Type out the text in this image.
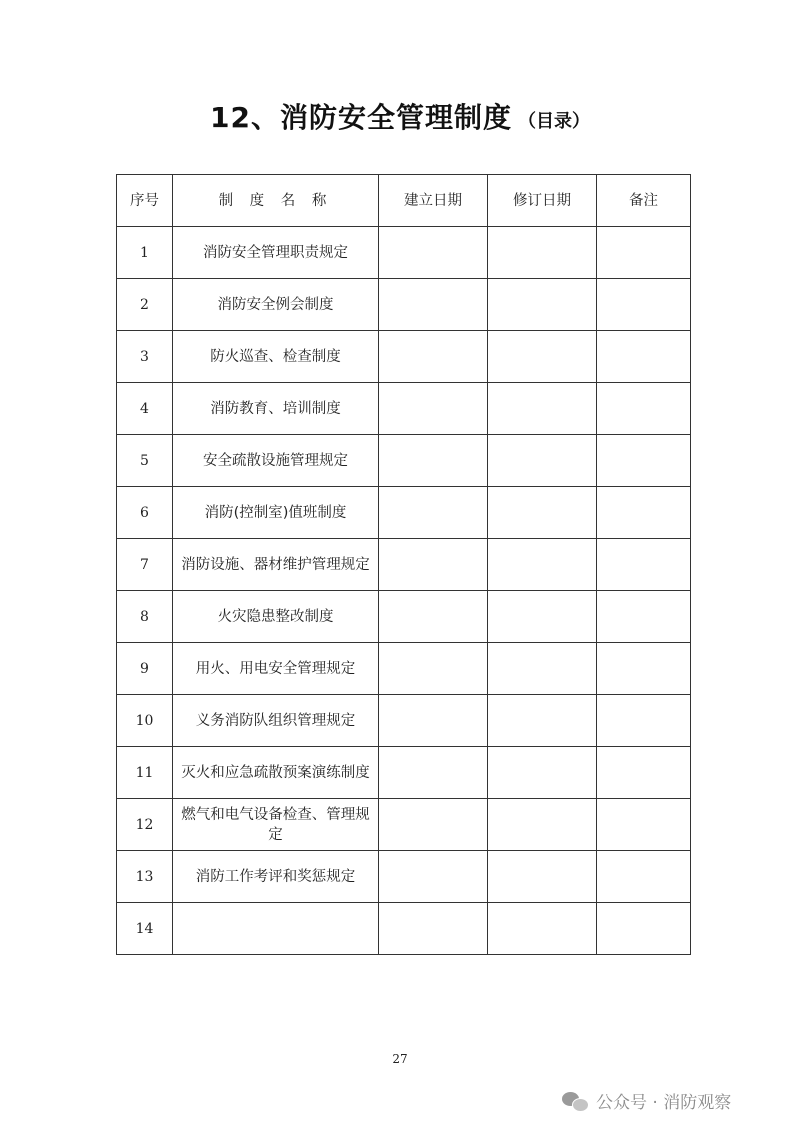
12、消防安全管理制度 （目录）
序号	制 度 名 称	建立日期	修订日期	备注
1	消防安全管理职责规定			
2	消防安全例会制度			
3	防火巡查、检查制度			
4	消防教育、培训制度			
5	安全疏散设施管理规定			
6	消防(控制室)值班制度			
7	消防设施、器材维护管理规定			
8	火灾隐患整改制度			
9	用火、用电安全管理规定			
10	义务消防队组织管理规定			
11	灭火和应急疏散预案演练制度			
12	燃气和电气设备检查、管理规定			
13	消防工作考评和奖惩规定			
14				
27
公众号 · 消防观察
